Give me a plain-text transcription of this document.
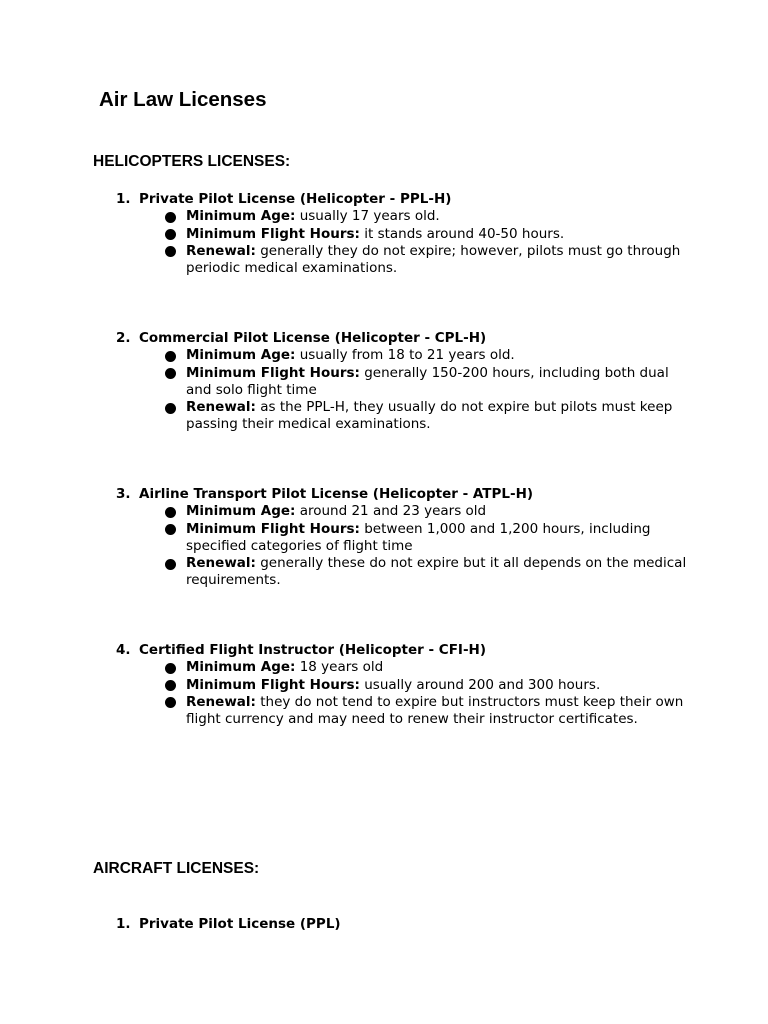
Air Law Licenses
HELICOPTERS LICENSES:
1. Private Pilot License (Helicopter - PPL-H)
Minimum Age: usually 17 years old.
Minimum Flight Hours: it stands around 40-50 hours.
Renewal: generally they do not expire; however, pilots must go through periodic medical examinations.
2. Commercial Pilot License (Helicopter - CPL-H)
Minimum Age: usually from 18 to 21 years old.
Minimum Flight Hours: generally 150-200 hours, including both dual and solo flight time
Renewal: as the PPL-H, they usually do not expire but pilots must keep passing their medical examinations.
3. Airline Transport Pilot License (Helicopter - ATPL-H)
Minimum Age: around 21 and 23 years old
Minimum Flight Hours: between 1,000 and 1,200 hours, including specified categories of flight time
Renewal: generally these do not expire but it all depends on the medical requirements.
4. Certified Flight Instructor (Helicopter - CFI-H)
Minimum Age: 18 years old
Minimum Flight Hours: usually around 200 and 300 hours.
Renewal: they do not tend to expire but instructors must keep their own flight currency and may need to renew their instructor certificates.
AIRCRAFT LICENSES:
1. Private Pilot License (PPL)
